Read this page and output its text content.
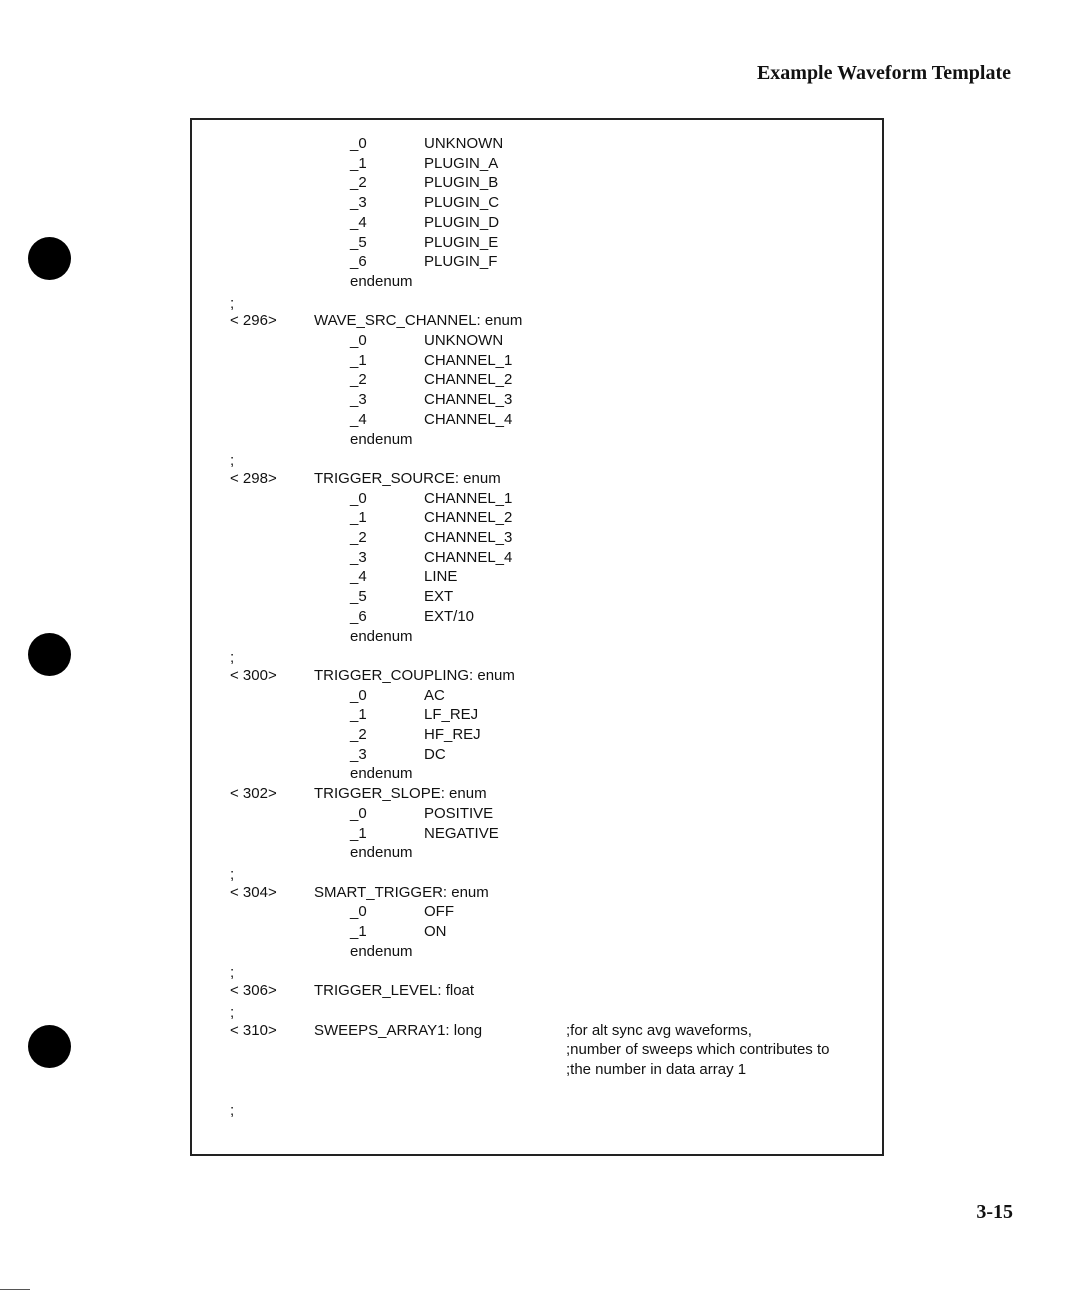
Example Waveform Template
_0	UNKNOWN
_1	PLUGIN_A
_2	PLUGIN_B
_3	PLUGIN_C
_4	PLUGIN_D
_5	PLUGIN_E
_6	PLUGIN_F
endenum
;
< 296> WAVE_SRC_CHANNEL: enum
_0	UNKNOWN
_1	CHANNEL_1
_2	CHANNEL_2
_3	CHANNEL_3
_4	CHANNEL_4
endenum
;
< 298> TRIGGER_SOURCE: enum
_0	CHANNEL_1
_1	CHANNEL_2
_2	CHANNEL_3
_3	CHANNEL_4
_4	LINE
_5	EXT
_6	EXT/10
endenum
;
< 300> TRIGGER_COUPLING: enum
_0	AC
_1	LF_REJ
_2	HF_REJ
_3	DC
endenum
< 302> TRIGGER_SLOPE: enum
_0	POSITIVE
_1	NEGATIVE
endenum
;
< 304> SMART_TRIGGER: enum
_0	OFF
_1	ON
endenum
;
< 306> TRIGGER_LEVEL: float
;
< 310> SWEEPS_ARRAY1: long	;for alt sync avg waveforms,
;number of sweeps which contributes to
;the number in data array 1
;
3-15
